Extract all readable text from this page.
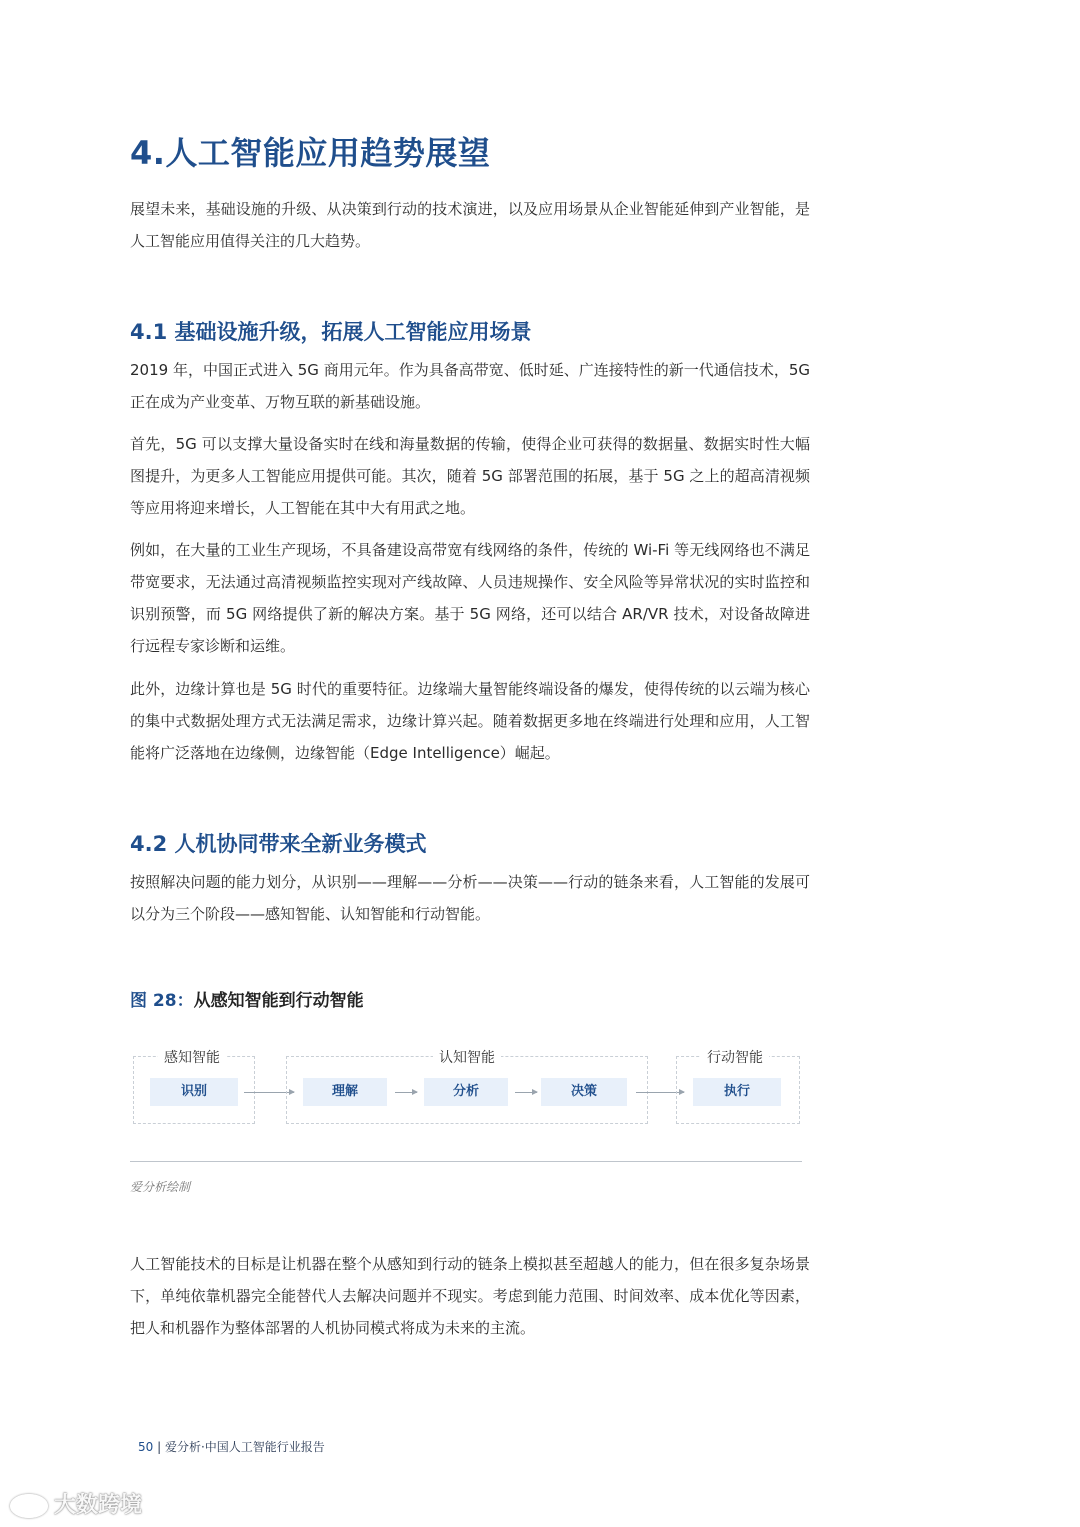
4.人工智能应用趋势展望
展望未来，基础设施的升级、从决策到行动的技术演进，以及应用场景从企业智能延伸到产业智能，是人工智能应用值得关注的几大趋势。
4.1 基础设施升级，拓展人工智能应用场景
2019 年，中国正式进入 5G 商用元年。作为具备高带宽、低时延、广连接特性的新一代通信技术，5G 正在成为产业变革、万物互联的新基础设施。
首先，5G 可以支撑大量设备实时在线和海量数据的传输，使得企业可获得的数据量、数据实时性大幅图提升，为更多人工智能应用提供可能。其次，随着 5G 部署范围的拓展，基于 5G 之上的超高清视频等应用将迎来增长，人工智能在其中大有用武之地。
例如，在大量的工业生产现场，不具备建设高带宽有线网络的条件，传统的 Wi-Fi 等无线网络也不满足带宽要求，无法通过高清视频监控实现对产线故障、人员违规操作、安全风险等异常状况的实时监控和识别预警，而 5G 网络提供了新的解决方案。基于 5G 网络，还可以结合 AR/VR 技术，对设备故障进行远程专家诊断和运维。
此外，边缘计算也是 5G 时代的重要特征。边缘端大量智能终端设备的爆发，使得传统的以云端为核心的集中式数据处理方式无法满足需求，边缘计算兴起。随着数据更多地在终端进行处理和应用，人工智能将广泛落地在边缘侧，边缘智能（Edge Intelligence）崛起。
4.2 人机协同带来全新业务模式
按照解决问题的能力划分，从识别——理解——分析——决策——行动的链条来看，人工智能的发展可以分为三个阶段——感知智能、认知智能和行动智能。
图 28：从感知智能到行动智能
感知智能
识别
认知智能
理解	分析	决策
行动智能
执行
爱分析绘制
人工智能技术的目标是让机器在整个从感知到行动的链条上模拟甚至超越人的能力，但在很多复杂场景下，单纯依靠机器完全能替代人去解决问题并不现实。考虑到能力范围、时间效率、成本优化等因素，把人和机器作为整体部署的人机协同模式将成为未来的主流。
50 | 爱分析·中国人工智能行业报告
大数跨境
